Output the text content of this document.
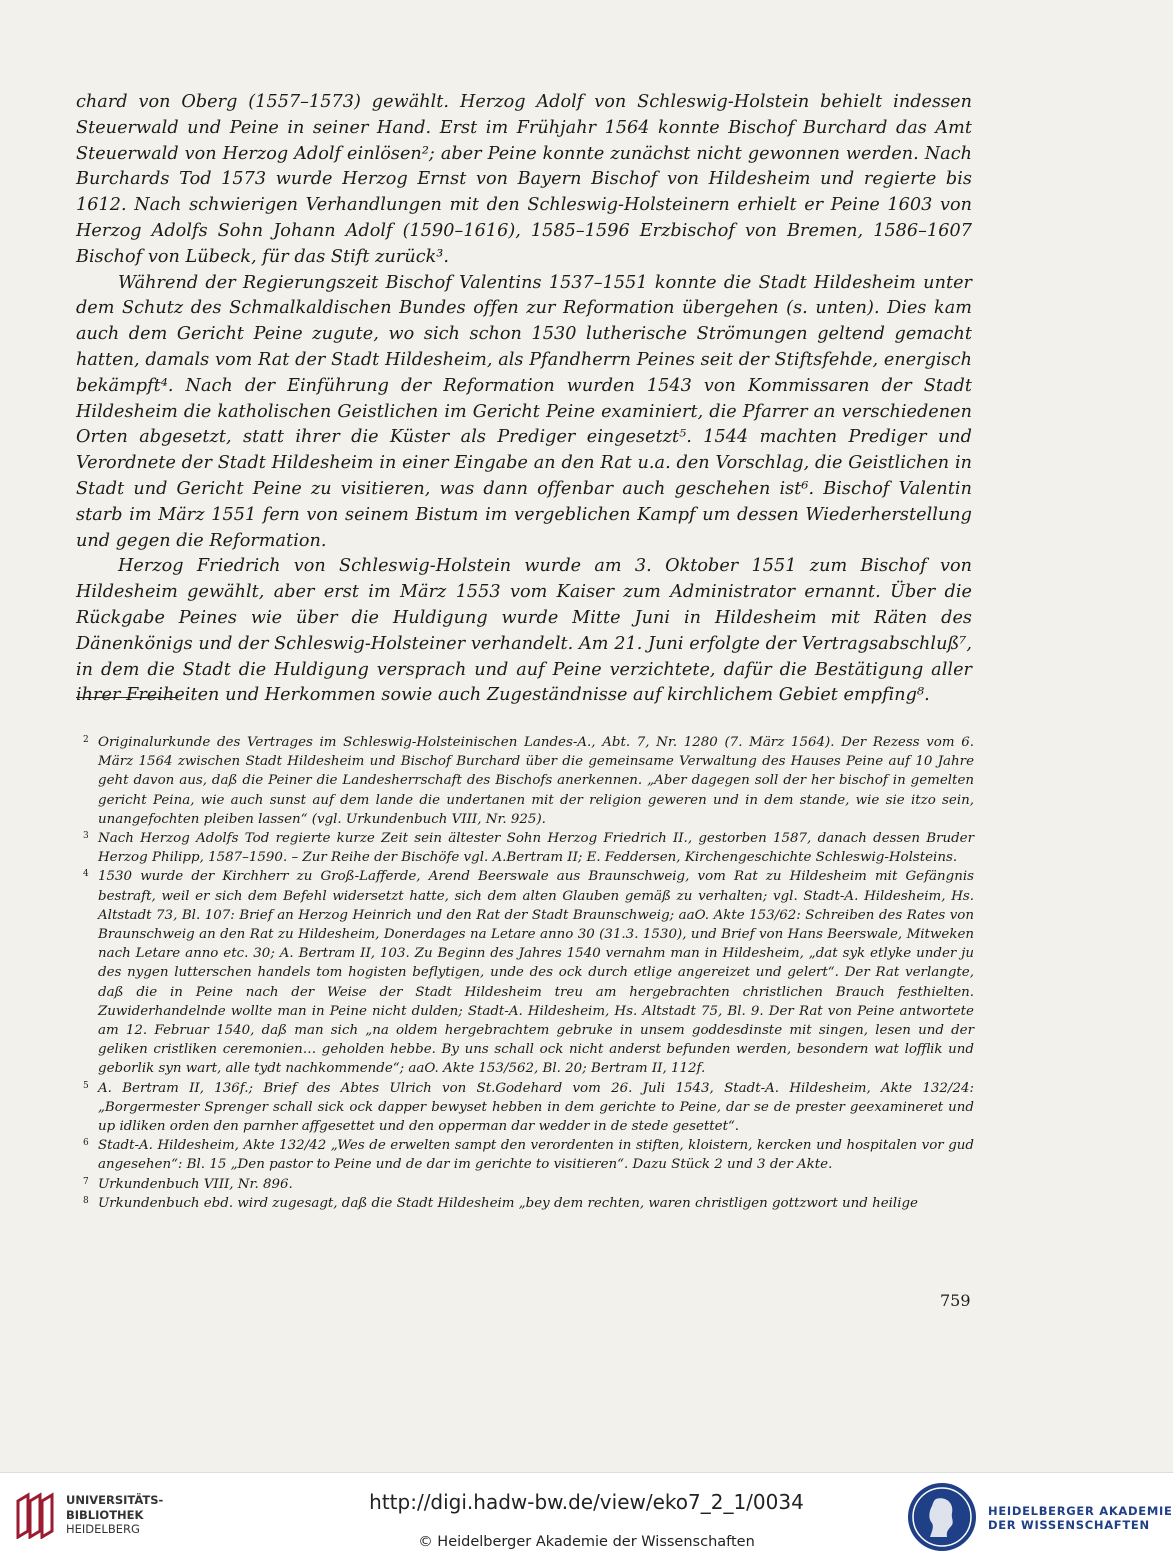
chard von Oberg (1557–1573) gewählt. Herzog Adolf von Schleswig-Holstein behielt indessen Steuerwald und Peine in seiner Hand. Erst im Frühjahr 1564 konnte Bischof Burchard das Amt Steuerwald von Herzog Adolf einlösen²; aber Peine konnte zunächst nicht gewonnen werden. Nach Burchards Tod 1573 wurde Herzog Ernst von Bayern Bischof von Hildesheim und regierte bis 1612. Nach schwierigen Verhandlungen mit den Schleswig-Holsteinern erhielt er Peine 1603 von Herzog Adolfs Sohn Johann Adolf (1590–1616), 1585–1596 Erzbischof von Bremen, 1586–1607 Bischof von Lübeck, für das Stift zurück³.

Während der Regierungszeit Bischof Valentins 1537–1551 konnte die Stadt Hildesheim unter dem Schutz des Schmalkaldischen Bundes offen zur Reformation übergehen (s. unten). Dies kam auch dem Gericht Peine zugute, wo sich schon 1530 lutherische Strömungen geltend gemacht hatten, damals vom Rat der Stadt Hildesheim, als Pfandherrn Peines seit der Stiftsfehde, energisch bekämpft⁴. Nach der Einführung der Reformation wurden 1543 von Kommissaren der Stadt Hildesheim die katholischen Geistlichen im Gericht Peine examiniert, die Pfarrer an verschiedenen Orten abgesetzt, statt ihrer die Küster als Prediger eingesetzt⁵. 1544 machten Prediger und Verordnete der Stadt Hildesheim in einer Eingabe an den Rat u.a. den Vorschlag, die Geistlichen in Stadt und Gericht Peine zu visitieren, was dann offenbar auch geschehen ist⁶. Bischof Valentin starb im März 1551 fern von seinem Bistum im vergeblichen Kampf um dessen Wiederherstellung und gegen die Reformation.

Herzog Friedrich von Schleswig-Holstein wurde am 3. Oktober 1551 zum Bischof von Hildesheim gewählt, aber erst im März 1553 vom Kaiser zum Administrator ernannt. Über die Rückgabe Peines wie über die Huldigung wurde Mitte Juni in Hildesheim mit Räten des Dänenkönigs und der Schleswig-Holsteiner verhandelt. Am 21. Juni erfolgte der Vertragsabschluß⁷, in dem die Stadt die Huldigung versprach und auf Peine verzichtete, dafür die Bestätigung aller ihrer Freiheiten und Herkommen sowie auch Zugeständnisse auf kirchlichem Gebiet empfing⁸.

2 Originalurkunde des Vertrages im Schleswig-Holsteinischen Landes-A., Abt. 7, Nr. 1280 (7. März 1564). Der Rezess vom 6. März 1564 zwischen Stadt Hildesheim und Bischof Burchard über die gemeinsame Verwaltung des Hauses Peine auf 10 Jahre geht davon aus, daß die Peiner die Landesherrschaft des Bischofs anerkennen. „Aber dagegen soll der her bischof in gemelten gericht Peina, wie auch sunst auf dem lande die undertanen mit der religion geweren und in dem stande, wie sie itzo sein, unangefochten pleiben lassen“ (vgl. Urkundenbuch VIII, Nr. 925).
3 Nach Herzog Adolfs Tod regierte kurze Zeit sein ältester Sohn Herzog Friedrich II., gestorben 1587, danach dessen Bruder Herzog Philipp, 1587–1590. – Zur Reihe der Bischöfe vgl. A.Bertram II; E. Feddersen, Kirchengeschichte Schleswig-Holsteins.
4 1530 wurde der Kirchherr zu Groß-Lafferde, Arend Beerswale aus Braunschweig, vom Rat zu Hildesheim mit Gefängnis bestraft, weil er sich dem Befehl widersetzt hatte, sich dem alten Glauben gemäß zu verhalten; vgl. Stadt-A. Hildesheim, Hs. Altstadt 73, Bl. 107: Brief an Herzog Heinrich und den Rat der Stadt Braunschweig; aaO. Akte 153/62: Schreiben des Rates von Braunschweig an den Rat zu Hildesheim, Donerdages na Letare anno 30 (31.3. 1530), und Brief von Hans Beerswale, Mitweken nach Letare anno etc. 30; A. Bertram II, 103. Zu Beginn des Jahres 1540 vernahm man in Hildesheim, „dat syk etlyke under ju des nygen lutterschen handels tom hogisten beflytigen, unde des ock durch etlige angereizet und gelert“. Der Rat verlangte, daß die in Peine nach der Weise der Stadt Hildesheim treu am hergebrachten christlichen Brauch festhielten. Zuwiderhandelnde wollte man in Peine nicht dulden; Stadt-A. Hildesheim, Hs. Altstadt 75, Bl. 9. Der Rat von Peine antwortete am 12. Februar 1540, daß man sich „na oldem hergebrachtem gebruke in unsem goddesdinste mit singen, lesen und der geliken cristliken ceremonien… geholden hebbe. By uns schall ock nicht anderst befunden werden, besondern wat lofflik und geborlik syn wart, alle tydt nachkommende“; aaO. Akte 153/562, Bl. 20; Bertram II, 112f.
5 A. Bertram II, 136f.; Brief des Abtes Ulrich von St.Godehard vom 26. Juli 1543, Stadt-A. Hildesheim, Akte 132/24: „Borgermester Sprenger schall sick ock dapper bewyset hebben in dem gerichte to Peine, dar se de prester geexamineret und up idliken orden den parnher affgesettet und den opperman dar wedder in de stede gesettet“.
6 Stadt-A. Hildesheim, Akte 132/42 „Wes de erwelten sampt den verordenten in stiften, kloistern, kercken und hospitalen vor gud angesehen“: Bl. 15 „Den pastor to Peine und de dar im gerichte to visitieren“. Dazu Stück 2 und 3 der Akte.
7 Urkundenbuch VIII, Nr. 896.
8 Urkundenbuch ebd. wird zugesagt, daß die Stadt Hildesheim „bey dem rechten, waren christligen gottzwort und heilige
759
UNIVERSITÄTS-
BIBLIOTHEK
HEIDELBERG
http://digi.hadw-bw.de/view/eko7_2_1/0034
© Heidelberger Akademie der Wissenschaften
HEIDELBERGER AKADEMIE
DER WISSENSCHAFTEN
